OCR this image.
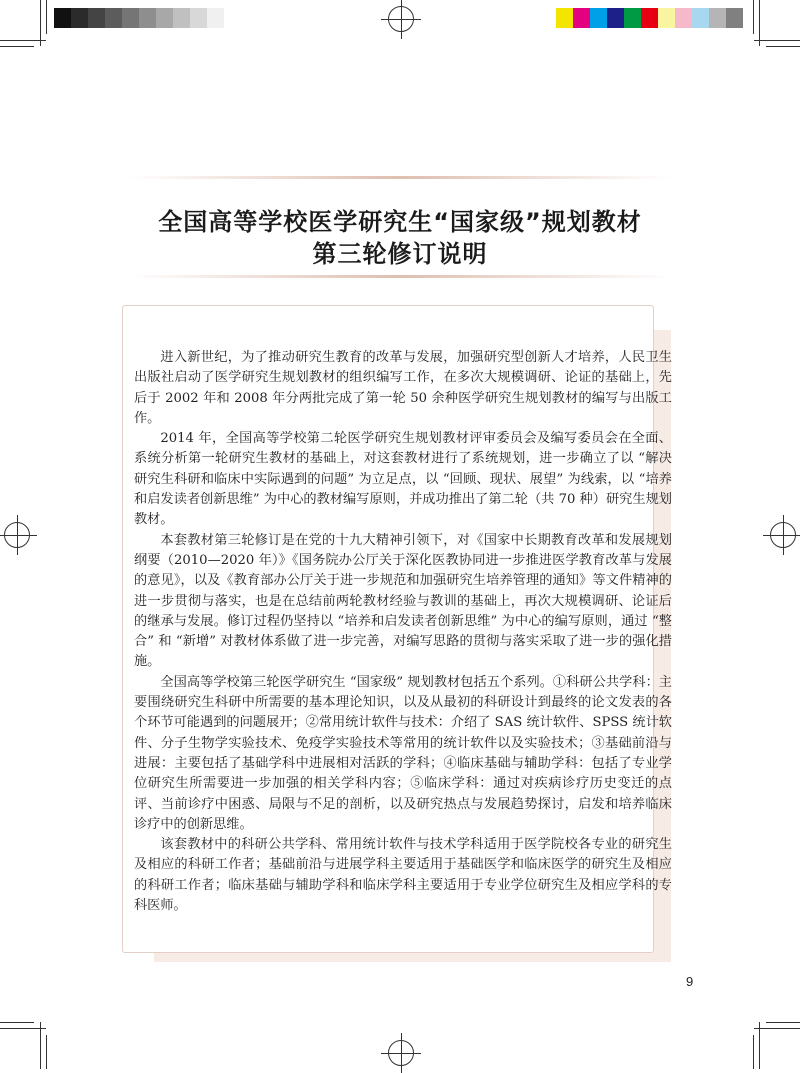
全国高等学校医学研究生“国家级”规划教材
第三轮修订说明

进入新世纪，为了推动研究生教育的改革与发展，加强研究型创新人才培养，人民卫生出版社启动了医学研究生规划教材的组织编写工作，在多次大规模调研、论证的基础上，先后于 2002 年和 2008 年分两批完成了第一轮 50 余种医学研究生规划教材的编写与出版工作。

2014 年，全国高等学校第二轮医学研究生规划教材评审委员会及编写委员会在全面、系统分析第一轮研究生教材的基础上，对这套教材进行了系统规划，进一步确立了以 “解决研究生科研和临床中实际遇到的问题” 为立足点，以 “回顾、现状、展望” 为线索，以 “培养和启发读者创新思维” 为中心的教材编写原则，并成功推出了第二轮（共 70 种）研究生规划教材。

本套教材第三轮修订是在党的十九大精神引领下，对《国家中长期教育改革和发展规划纲要（2010—2020 年）》《国务院办公厅关于深化医教协同进一步推进医学教育改革与发展的意见》，以及《教育部办公厅关于进一步规范和加强研究生培养管理的通知》等文件精神的进一步贯彻与落实，也是在总结前两轮教材经验与教训的基础上，再次大规模调研、论证后的继承与发展。修订过程仍坚持以 “培养和启发读者创新思维” 为中心的编写原则，通过 “整合” 和 “新增” 对教材体系做了进一步完善，对编写思路的贯彻与落实采取了进一步的强化措施。

全国高等学校第三轮医学研究生 “国家级” 规划教材包括五个系列。①科研公共学科：主要围绕研究生科研中所需要的基本理论知识，以及从最初的科研设计到最终的论文发表的各个环节可能遇到的问题展开；②常用统计软件与技术：介绍了 SAS 统计软件、SPSS 统计软件、分子生物学实验技术、免疫学实验技术等常用的统计软件以及实验技术；③基础前沿与进展：主要包括了基础学科中进展相对活跃的学科；④临床基础与辅助学科：包括了专业学位研究生所需要进一步加强的相关学科内容；⑤临床学科：通过对疾病诊疗历史变迁的点评、当前诊疗中困惑、局限与不足的剖析，以及研究热点与发展趋势探讨，启发和培养临床诊疗中的创新思维。

该套教材中的科研公共学科、常用统计软件与技术学科适用于医学院校各专业的研究生及相应的科研工作者；基础前沿与进展学科主要适用于基础医学和临床医学的研究生及相应的科研工作者；临床基础与辅助学科和临床学科主要适用于专业学位研究生及相应学科的专科医师。

9
